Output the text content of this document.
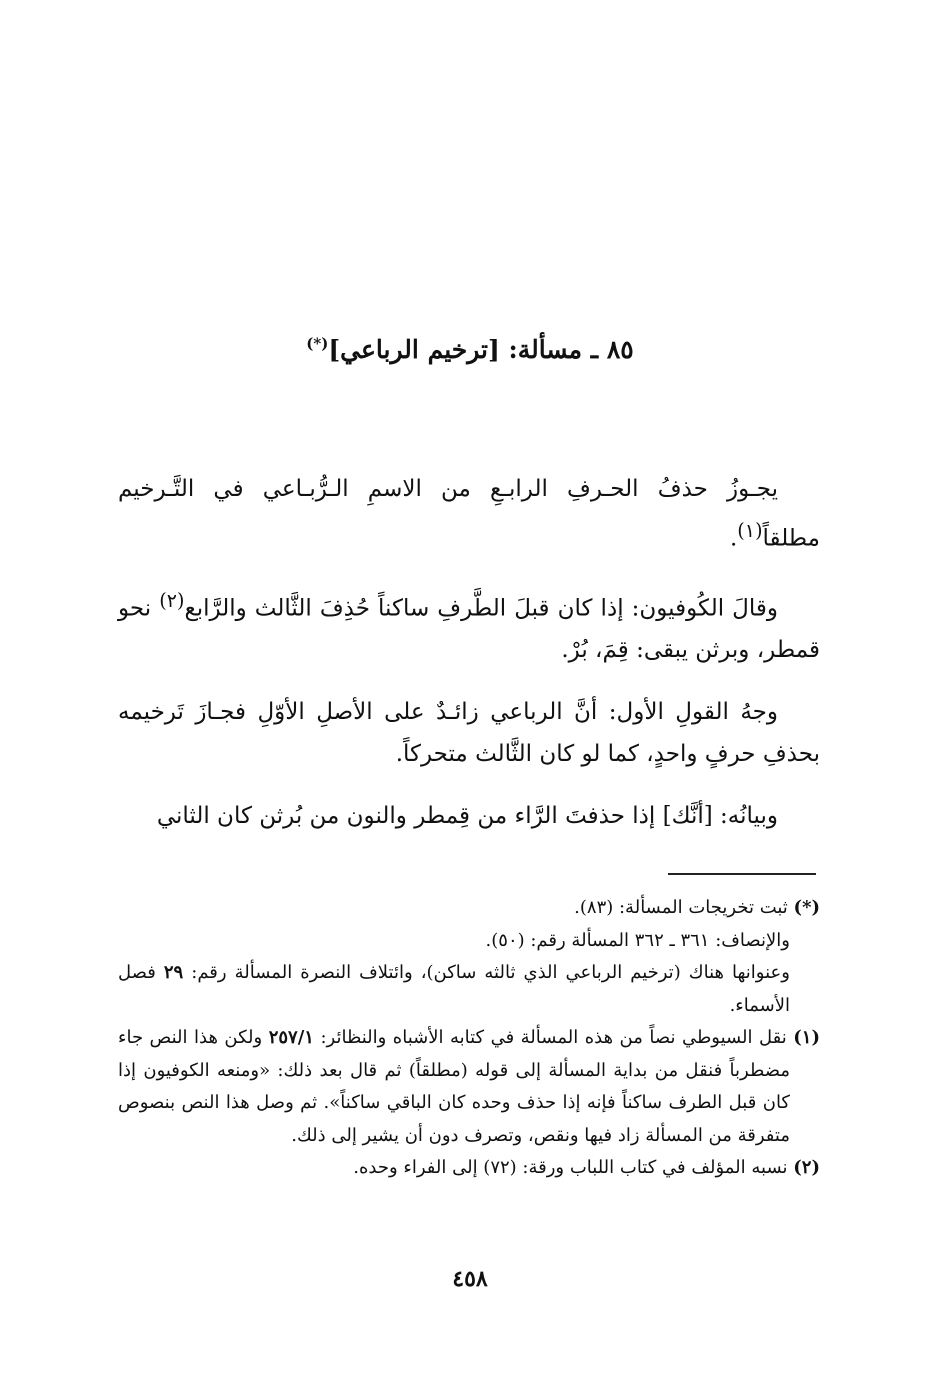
٨٥ ـ مسألة: [ترخيم الرباعي](*)

يجـوزُ حذفُ الحـرفِ الرابـعِ من الاسمِ الـرُّبـاعي في التَّـرخيم مطلقاً$^{(١)}$.

وقالَ الكُوفيون: إذا كان قبلَ الطَّرفِ ساكناً حُذِفَ الثَّالث والرَّابع$^{(٢)}$ نحو قمطر، وبرثن يبقى: قِمَ، بُرْ.

وجهُ القولِ الأول: أنَّ الرباعي زائـدٌ على الأصلِ الأوّلِ فجـازَ تَرخيمه بحذفِ حرفٍ واحدٍ، كما لو كان الثَّالث متحركاً.

وبيانُه: [أنَّك] إذا حذفتَ الرَّاء من قِمطر والنون من بُرثن كان الثاني

(*) ثبت تخريجات المسألة: (٨٣).

والإنصاف: ٣٦١ ـ ٣٦٢ المسألة رقم: (٥٠).

وعنوانها هناك (ترخيم الرباعي الذي ثالثه ساكن)، وائتلاف النصرة المسألة رقم: ٢٩ فصل الأسماء.

(١) نقل السيوطي نصاً من هذه المسألة في كتابه الأشباه والنظائر: ٢٥٧/١ ولكن هذا النص جاء مضطرباً فنقل من بداية المسألة إلى قوله (مطلقاً) ثم قال بعد ذلك: «ومنعه الكوفيون إذا كان قبل الطرف ساكناً فإنه إذا حذف وحده كان الباقي ساكناً». ثم وصل هذا النص بنصوص متفرقة من المسألة زاد فيها ونقص، وتصرف دون أن يشير إلى ذلك.

(٢) نسبه المؤلف في كتاب اللباب ورقة: (٧٢) إلى الفراء وحده.

٤٥٨
